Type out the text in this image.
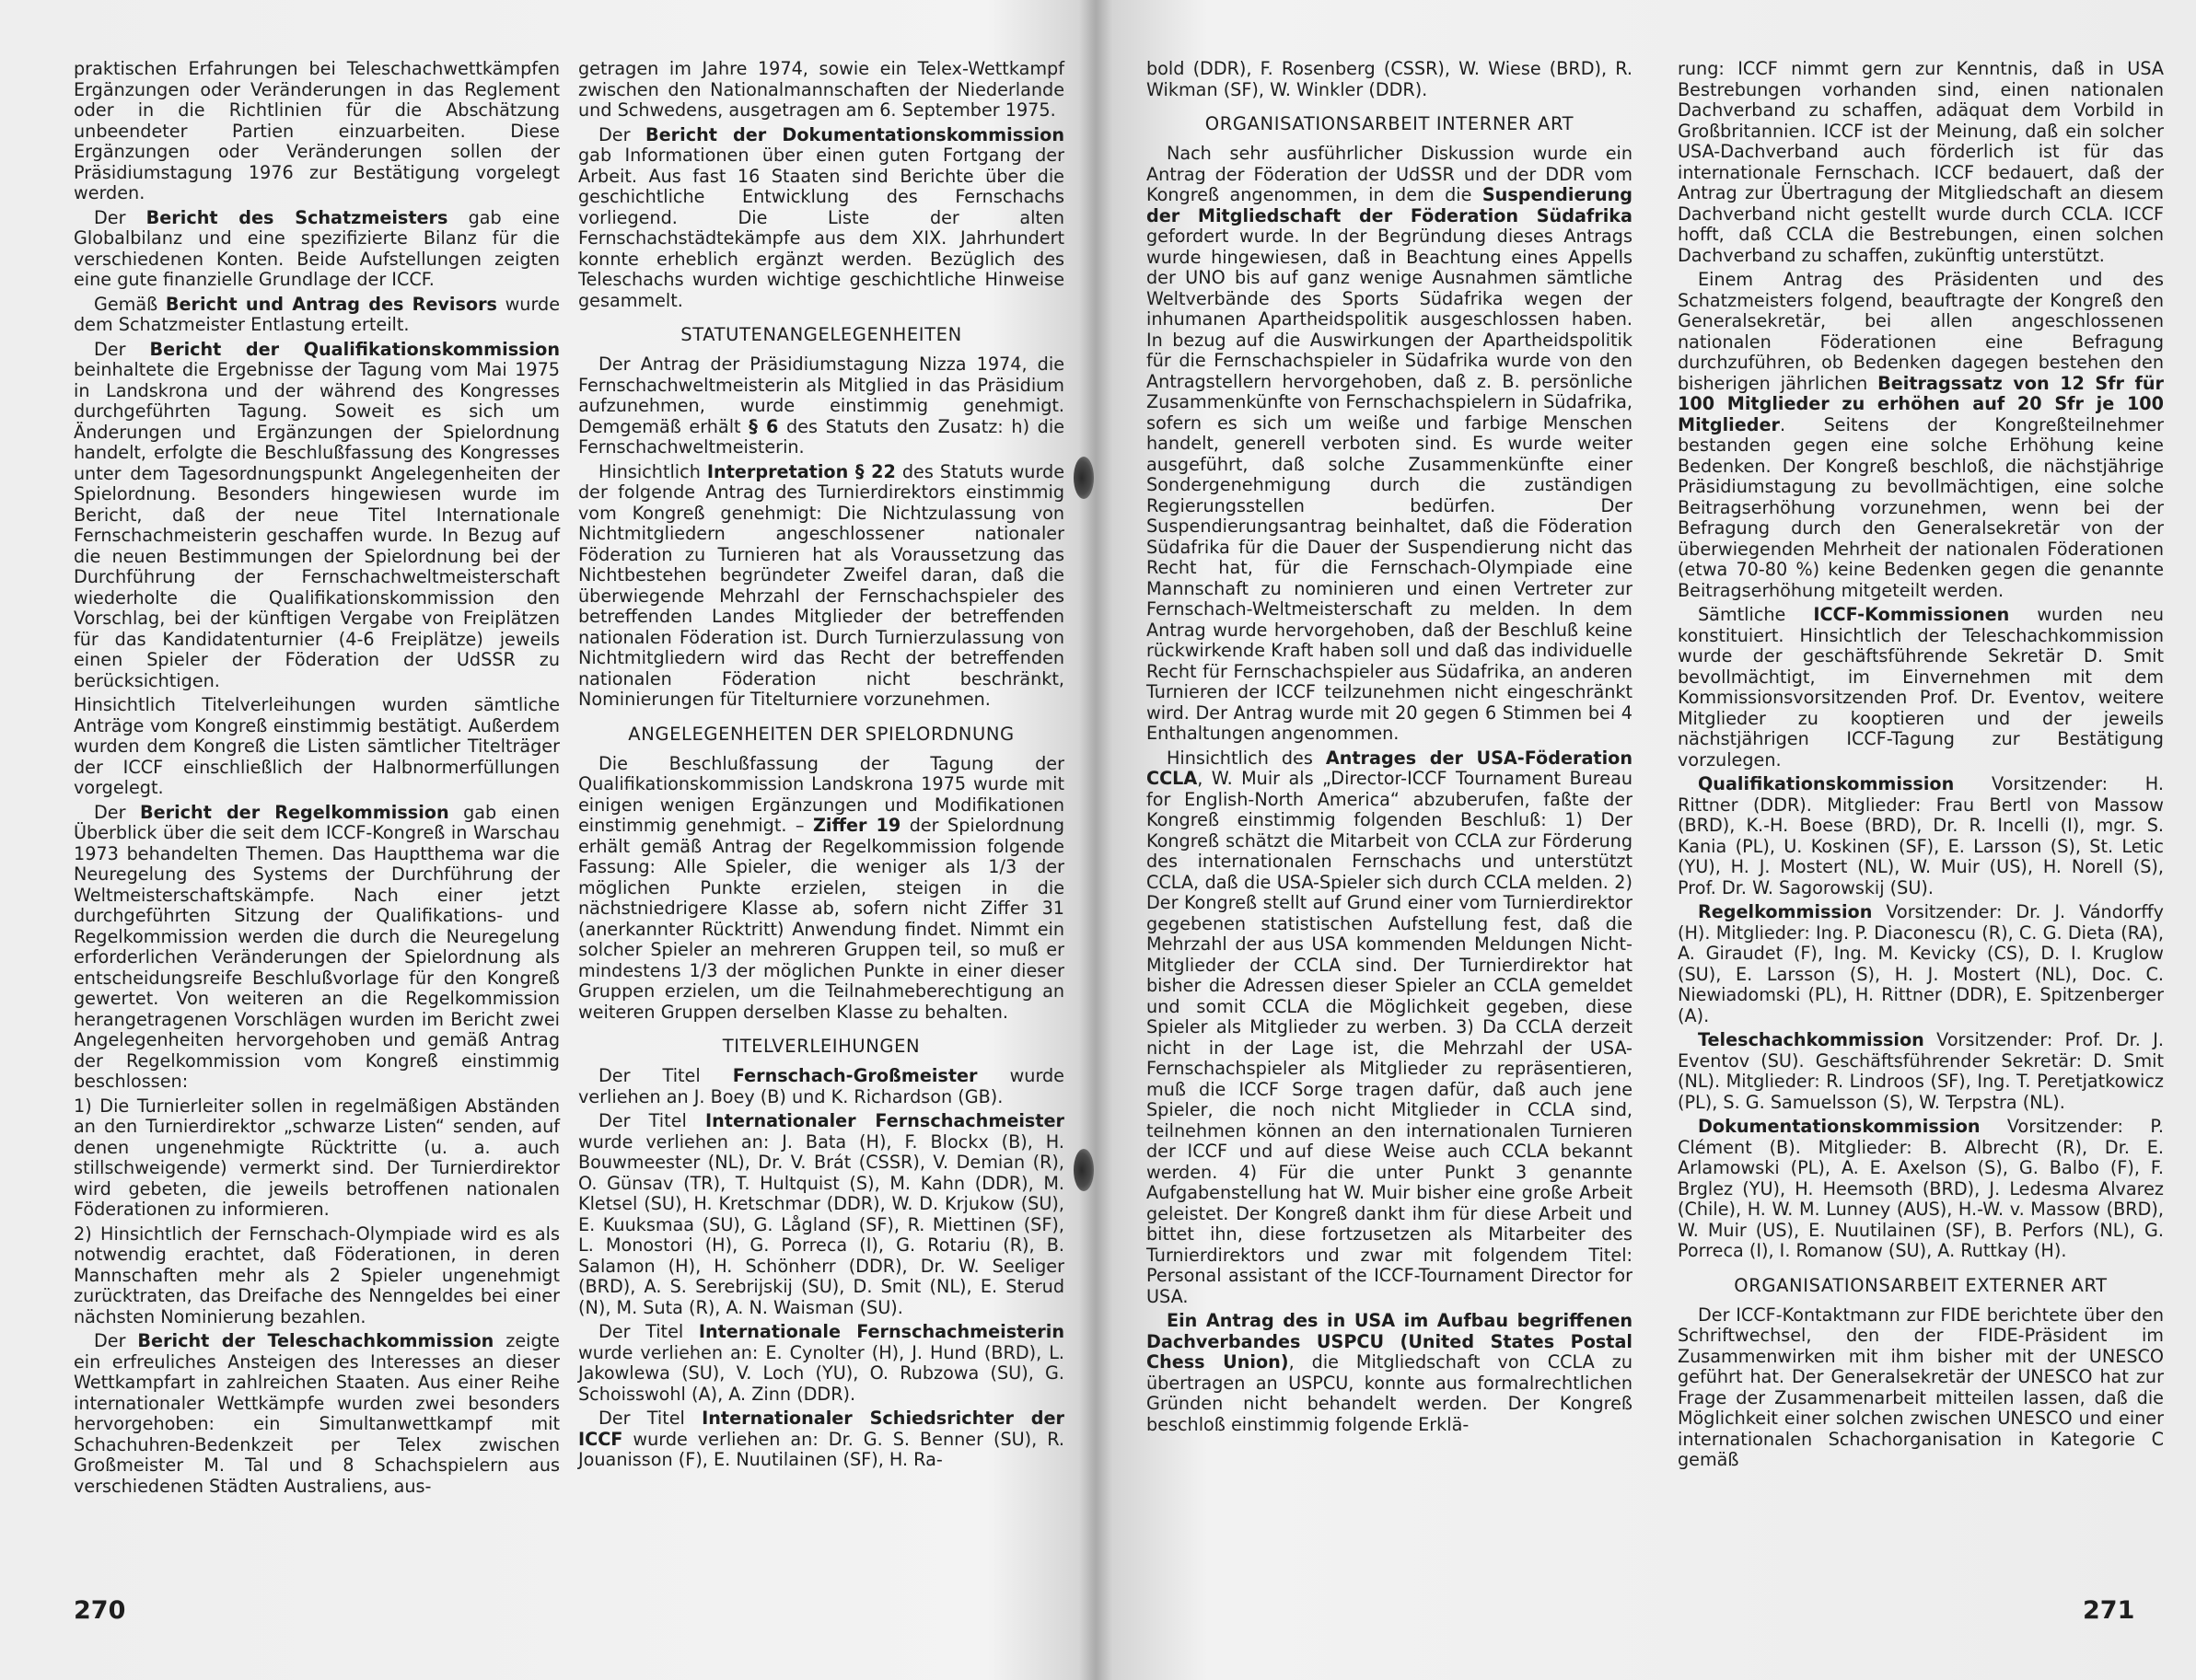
praktischen Erfahrungen bei Teleschachwettkämpfen Ergänzungen oder Veränderungen in das Reglement oder in die Richtlinien für die Abschätzung unbeendeter Partien einzuarbeiten. Diese Ergänzungen oder Veränderungen sollen der Präsidiumstagung 1976 zur Bestätigung vorgelegt werden.

Der Bericht des Schatzmeisters gab eine Globalbilanz und eine spezifizierte Bilanz für die verschiedenen Konten. Beide Aufstellungen zeigten eine gute finanzielle Grundlage der ICCF.

Gemäß Bericht und Antrag des Revisors wurde dem Schatzmeister Entlastung erteilt.

Der Bericht der Qualifikationskommission beinhaltete die Ergebnisse der Tagung vom Mai 1975 in Landskrona und der während des Kongresses durchgeführten Tagung. Soweit es sich um Änderungen und Ergänzungen der Spielordnung handelt, erfolgte die Beschlußfassung des Kongresses unter dem Tagesordnungspunkt Angelegenheiten der Spielordnung. Besonders hingewiesen wurde im Bericht, daß der neue Titel Internationale Fernschachmeisterin geschaffen wurde. In Bezug auf die neuen Bestimmungen der Spielordnung bei der Durchführung der Fernschachweltmeisterschaft wiederholte die Qualifikationskommission den Vorschlag, bei der künftigen Vergabe von Freiplätzen für das Kandidatenturnier (4-6 Freiplätze) jeweils einen Spieler der Föderation der UdSSR zu berücksichtigen.

Hinsichtlich Titelverleihungen wurden sämtliche Anträge vom Kongreß einstimmig bestätigt. Außerdem wurden dem Kongreß die Listen sämtlicher Titelträger der ICCF einschließlich der Halbnormerfüllungen vorgelegt.

Der Bericht der Regelkommission gab einen Überblick über die seit dem ICCF-Kongreß in Warschau 1973 behandelten Themen. Das Hauptthema war die Neuregelung des Systems der Durchführung der Weltmeisterschaftskämpfe. Nach einer jetzt durchgeführten Sitzung der Qualifikations- und Regelkommission werden die durch die Neuregelung erforderlichen Veränderungen der Spielordnung als entscheidungsreife Beschlußvorlage für den Kongreß gewertet. Von weiteren an die Regelkommission herangetragenen Vorschlägen wurden im Bericht zwei Angelegenheiten hervorgehoben und gemäß Antrag der Regelkommission vom Kongreß einstimmig beschlossen:

1) Die Turnierleiter sollen in regelmäßigen Abständen an den Turnierdirektor „schwarze Listen“ senden, auf denen ungenehmigte Rücktritte (u. a. auch stillschweigende) vermerkt sind. Der Turnierdirektor wird gebeten, die jeweils betroffenen nationalen Föderationen zu informieren.

2) Hinsichtlich der Fernschach-Olympiade wird es als notwendig erachtet, daß Föderationen, in deren Mannschaften mehr als 2 Spieler ungenehmigt zurücktraten, das Dreifache des Nenngeldes bei einer nächsten Nominierung bezahlen.

Der Bericht der Teleschachkommission zeigte ein erfreuliches Ansteigen des Interesses an dieser Wettkampfart in zahlreichen Staaten. Aus einer Reihe internationaler Wettkämpfe wurden zwei besonders hervorgehoben: ein Simultanwettkampf mit Schachuhren-Bedenkzeit per Telex zwischen Großmeister M. Tal und 8 Schachspielern aus verschiedenen Städten Australiens, aus-

getragen im Jahre 1974, sowie ein Telex-Wettkampf zwischen den Nationalmannschaften der Niederlande und Schwedens, ausgetragen am 6. September 1975.

Der Bericht der Dokumentationskommission gab Informationen über einen guten Fortgang der Arbeit. Aus fast 16 Staaten sind Berichte über die geschichtliche Entwicklung des Fernschachs vorliegend. Die Liste der alten Fernschachstädtekämpfe aus dem XIX. Jahrhundert konnte erheblich ergänzt werden. Bezüglich des Teleschachs wurden wichtige geschichtliche Hinweise gesammelt.

STATUTENANGELEGENHEITEN

Der Antrag der Präsidiumstagung Nizza 1974, die Fernschachweltmeisterin als Mitglied in das Präsidium aufzunehmen, wurde einstimmig genehmigt. Demgemäß erhält § 6 des Statuts den Zusatz: h) die Fernschachweltmeisterin.

Hinsichtlich Interpretation § 22 des Statuts wurde der folgende Antrag des Turnierdirektors einstimmig vom Kongreß genehmigt: Die Nichtzulassung von Nichtmitgliedern angeschlossener nationaler Föderation zu Turnieren hat als Voraussetzung das Nichtbestehen begründeter Zweifel daran, daß die überwiegende Mehrzahl der Fernschachspieler des betreffenden Landes Mitglieder der betreffenden nationalen Föderation ist. Durch Turnierzulassung von Nichtmitgliedern wird das Recht der betreffenden nationalen Föderation nicht beschränkt, Nominierungen für Titelturniere vorzunehmen.

ANGELEGENHEITEN DER SPIELORDNUNG

Die Beschlußfassung der Tagung der Qualifikationskommission Landskrona 1975 wurde mit einigen wenigen Ergänzungen und Modifikationen einstimmig genehmigt. – Ziffer 19 der Spielordnung erhält gemäß Antrag der Regelkommission folgende Fassung: Alle Spieler, die weniger als 1/3 der möglichen Punkte erzielen, steigen in die nächstniedrigere Klasse ab, sofern nicht Ziffer 31 (anerkannter Rücktritt) Anwendung findet. Nimmt ein solcher Spieler an mehreren Gruppen teil, so muß er mindestens 1/3 der möglichen Punkte in einer dieser Gruppen erzielen, um die Teilnahmeberechtigung an weiteren Gruppen derselben Klasse zu behalten.

TITELVERLEIHUNGEN

Der Titel Fernschach-Großmeister wurde verliehen an J. Boey (B) und K. Richardson (GB).

Der Titel Internationaler Fernschachmeister wurde verliehen an: J. Bata (H), F. Blockx (B), H. Bouwmeester (NL), Dr. V. Brát (CSSR), V. Demian (R), O. Günsav (TR), T. Hultquist (S), M. Kahn (DDR), M. Kletsel (SU), H. Kretschmar (DDR), W. D. Krjukow (SU), E. Kuuksmaa (SU), G. Lågland (SF), R. Miettinen (SF), L. Monostori (H), G. Porreca (I), G. Rotariu (R), B. Salamon (H), H. Schönherr (DDR), Dr. W. Seeliger (BRD), A. S. Serebrijskij (SU), D. Smit (NL), E. Sterud (N), M. Suta (R), A. N. Waisman (SU).

Der Titel Internationale Fernschachmeisterin wurde verliehen an: E. Cynolter (H), J. Hund (BRD), L. Jakowlewa (SU), V. Loch (YU), O. Rubzowa (SU), G. Schoisswohl (A), A. Zinn (DDR).

Der Titel Internationaler Schiedsrichter der ICCF wurde verliehen an: Dr. G. S. Benner (SU), R. Jouanisson (F), E. Nuutilainen (SF), H. Ra-

bold (DDR), F. Rosenberg (CSSR), W. Wiese (BRD), R. Wikman (SF), W. Winkler (DDR).

ORGANISATIONSARBEIT INTERNER ART

Nach sehr ausführlicher Diskussion wurde ein Antrag der Föderation der UdSSR und der DDR vom Kongreß angenommen, in dem die Suspendierung der Mitgliedschaft der Föderation Südafrika gefordert wurde. In der Begründung dieses Antrags wurde hingewiesen, daß in Beachtung eines Appells der UNO bis auf ganz wenige Ausnahmen sämtliche Weltverbände des Sports Südafrika wegen der inhumanen Apartheidspolitik ausgeschlossen haben. In bezug auf die Auswirkungen der Apartheidspolitik für die Fernschachspieler in Südafrika wurde von den Antragstellern hervorgehoben, daß z. B. persönliche Zusammenkünfte von Fernschachspielern in Südafrika, sofern es sich um weiße und farbige Menschen handelt, generell verboten sind. Es wurde weiter ausgeführt, daß solche Zusammenkünfte einer Sondergenehmigung durch die zuständigen Regierungsstellen bedürfen. Der Suspendierungsantrag beinhaltet, daß die Föderation Südafrika für die Dauer der Suspendierung nicht das Recht hat, für die Fernschach-Olympiade eine Mannschaft zu nominieren und einen Vertreter zur Fernschach-Weltmeisterschaft zu melden. In dem Antrag wurde hervorgehoben, daß der Beschluß keine rückwirkende Kraft haben soll und daß das individuelle Recht für Fernschachspieler aus Südafrika, an anderen Turnieren der ICCF teilzunehmen nicht eingeschränkt wird. Der Antrag wurde mit 20 gegen 6 Stimmen bei 4 Enthaltungen angenommen.

Hinsichtlich des Antrages der USA-Föderation CCLA, W. Muir als „Director-ICCF Tournament Bureau for English-North America“ abzuberufen, faßte der Kongreß einstimmig folgenden Beschluß: 1) Der Kongreß schätzt die Mitarbeit von CCLA zur Förderung des internationalen Fernschachs und unterstützt CCLA, daß die USA-Spieler sich durch CCLA melden. 2) Der Kongreß stellt auf Grund einer vom Turnierdirektor gegebenen statistischen Aufstellung fest, daß die Mehrzahl der aus USA kommenden Meldungen Nicht-Mitglieder der CCLA sind. Der Turnierdirektor hat bisher die Adressen dieser Spieler an CCLA gemeldet und somit CCLA die Möglichkeit gegeben, diese Spieler als Mitglieder zu werben. 3) Da CCLA derzeit nicht in der Lage ist, die Mehrzahl der USA-Fernschachspieler als Mitglieder zu repräsentieren, muß die ICCF Sorge tragen dafür, daß auch jene Spieler, die noch nicht Mitglieder in CCLA sind, teilnehmen können an den internationalen Turnieren der ICCF und auf diese Weise auch CCLA bekannt werden. 4) Für die unter Punkt 3 genannte Aufgabenstellung hat W. Muir bisher eine große Arbeit geleistet. Der Kongreß dankt ihm für diese Arbeit und bittet ihn, diese fortzusetzen als Mitarbeiter des Turnierdirektors und zwar mit folgendem Titel: Personal assistant of the ICCF-Tournament Director for USA.

Ein Antrag des in USA im Aufbau begriffenen Dachverbandes USPCU (United States Postal Chess Union), die Mitgliedschaft von CCLA zu übertragen an USPCU, konnte aus formalrechtlichen Gründen nicht behandelt werden. Der Kongreß beschloß einstimmig folgende Erklä-

rung: ICCF nimmt gern zur Kenntnis, daß in USA Bestrebungen vorhanden sind, einen nationalen Dachverband zu schaffen, adäquat dem Vorbild in Großbritannien. ICCF ist der Meinung, daß ein solcher USA-Dachverband auch förderlich ist für das internationale Fernschach. ICCF bedauert, daß der Antrag zur Übertragung der Mitgliedschaft an diesem Dachverband nicht gestellt wurde durch CCLA. ICCF hofft, daß CCLA die Bestrebungen, einen solchen Dachverband zu schaffen, zukünftig unterstützt.

Einem Antrag des Präsidenten und des Schatzmeisters folgend, beauftragte der Kongreß den Generalsekretär, bei allen angeschlossenen nationalen Föderationen eine Befragung durchzuführen, ob Bedenken dagegen bestehen den bisherigen jährlichen Beitragssatz von 12 Sfr für 100 Mitglieder zu erhöhen auf 20 Sfr je 100 Mitglieder. Seitens der Kongreßteilnehmer bestanden gegen eine solche Erhöhung keine Bedenken. Der Kongreß beschloß, die nächstjährige Präsidiumstagung zu bevollmächtigen, eine solche Beitragserhöhung vorzunehmen, wenn bei der Befragung durch den Generalsekretär von der überwiegenden Mehrheit der nationalen Föderationen (etwa 70-80 %) keine Bedenken gegen die genannte Beitragserhöhung mitgeteilt werden.

Sämtliche ICCF-Kommissionen wurden neu konstituiert. Hinsichtlich der Teleschachkommission wurde der geschäftsführende Sekretär D. Smit bevollmächtigt, im Einvernehmen mit dem Kommissionsvorsitzenden Prof. Dr. Eventov, weitere Mitglieder zu kooptieren und der jeweils nächstjährigen ICCF-Tagung zur Bestätigung vorzulegen.

Qualifikationskommission Vorsitzender: H. Rittner (DDR). Mitglieder: Frau Bertl von Massow (BRD), K.-H. Boese (BRD), Dr. R. Incelli (I), mgr. S. Kania (PL), U. Koskinen (SF), E. Larsson (S), St. Letic (YU), H. J. Mostert (NL), W. Muir (US), H. Norell (S), Prof. Dr. W. Sagorowskij (SU).

Regelkommission Vorsitzender: Dr. J. Vándorffy (H). Mitglieder: Ing. P. Diaconescu (R), C. G. Dieta (RA), A. Giraudet (F), Ing. M. Kevicky (CS), D. I. Kruglow (SU), E. Larsson (S), H. J. Mostert (NL), Doc. C. Niewiadomski (PL), H. Rittner (DDR), E. Spitzenberger (A).

Teleschachkommission Vorsitzender: Prof. Dr. J. Eventov (SU). Geschäftsführender Sekretär: D. Smit (NL). Mitglieder: R. Lindroos (SF), Ing. T. Peretjatkowicz (PL), S. G. Samuelsson (S), W. Terpstra (NL).

Dokumentationskommission Vorsitzender: P. Clément (B). Mitglieder: B. Albrecht (R), Dr. E. Arlamowski (PL), A. E. Axelson (S), G. Balbo (F), F. Brglez (YU), H. Heemsoth (BRD), J. Ledesma Alvarez (Chile), H. W. M. Lunney (AUS), H.-W. v. Massow (BRD), W. Muir (US), E. Nuutilainen (SF), B. Perfors (NL), G. Porreca (I), I. Romanow (SU), A. Ruttkay (H).

ORGANISATIONSARBEIT EXTERNER ART

Der ICCF-Kontaktmann zur FIDE berichtete über den Schriftwechsel, den der FIDE-Präsident im Zusammenwirken mit ihm bisher mit der UNESCO geführt hat. Der Generalsekretär der UNESCO hat zur Frage der Zusammenarbeit mitteilen lassen, daß die Möglichkeit einer solchen zwischen UNESCO und einer internationalen Schachorganisation in Kategorie C gemäß

270	271
